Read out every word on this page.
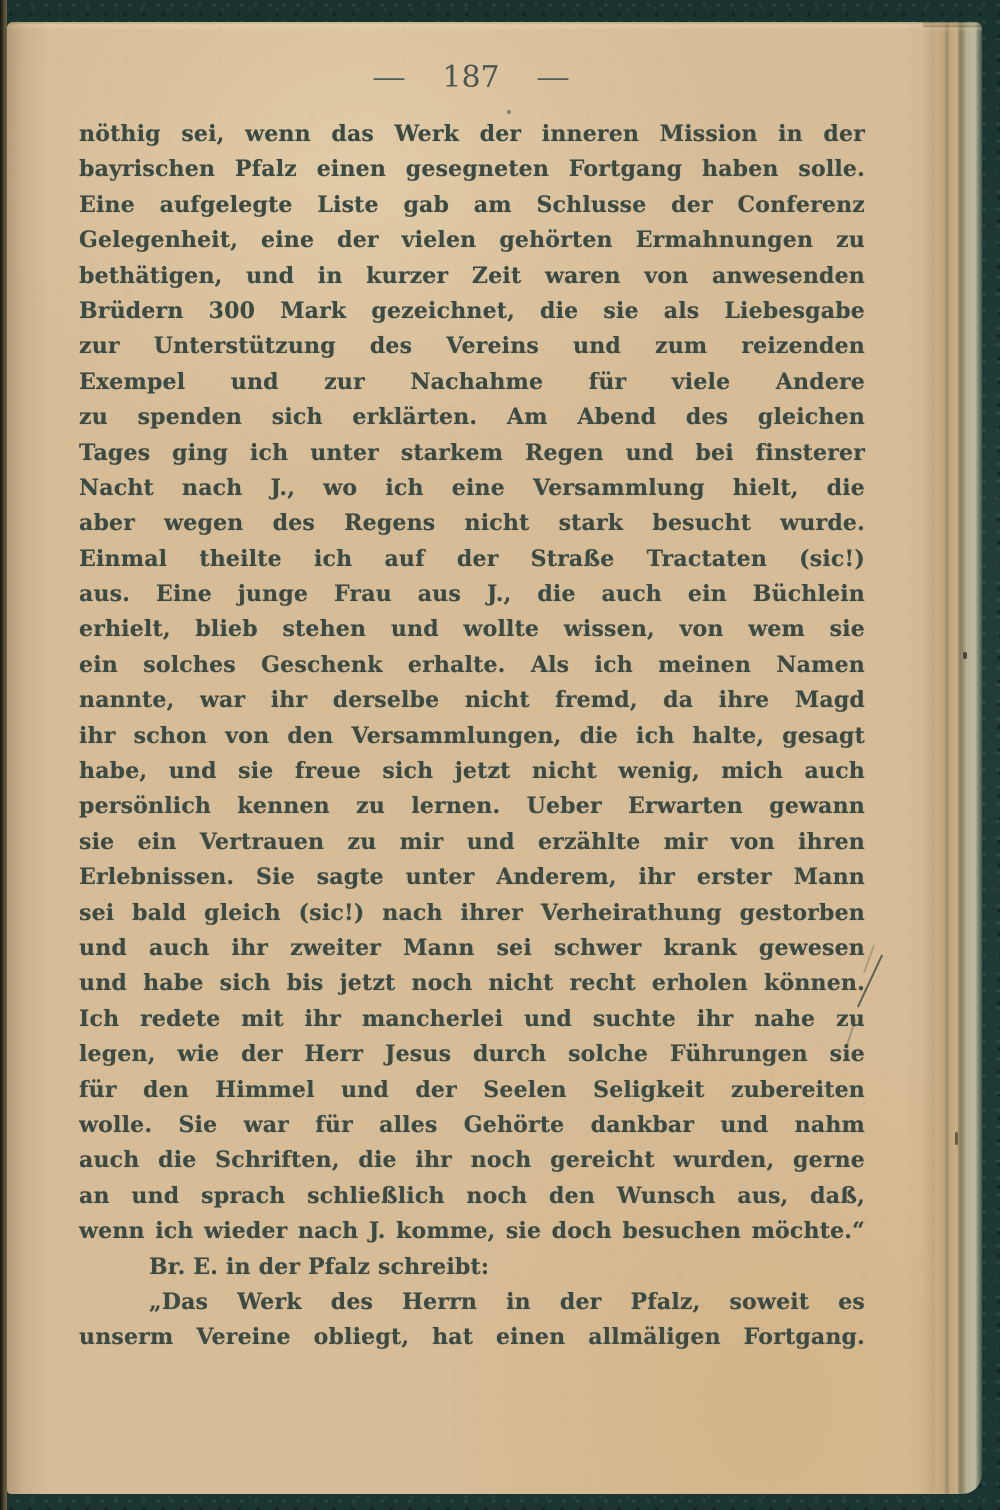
— 187 —
nöthig sei, wenn das Werk der inneren Mission in der
bayrischen Pfalz einen gesegneten Fortgang haben solle.
Eine aufgelegte Liste gab am Schlusse der Conferenz
Gelegenheit, eine der vielen gehörten Ermahnungen zu
bethätigen, und in kurzer Zeit waren von anwesenden
Brüdern 300 Mark gezeichnet, die sie als Liebesgabe
zur Unterstützung des Vereins und zum reizenden
Exempel und zur Nachahme für viele Andere
zu spenden sich erklärten. Am Abend des gleichen
Tages ging ich unter starkem Regen und bei finsterer
Nacht nach J., wo ich eine Versammlung hielt, die
aber wegen des Regens nicht stark besucht wurde.
Einmal theilte ich auf der Straße Tractaten (sic!)
aus. Eine junge Frau aus J., die auch ein Büchlein
erhielt, blieb stehen und wollte wissen, von wem sie
ein solches Geschenk erhalte. Als ich meinen Namen
nannte, war ihr derselbe nicht fremd, da ihre Magd
ihr schon von den Versammlungen, die ich halte, gesagt
habe, und sie freue sich jetzt nicht wenig, mich auch
persönlich kennen zu lernen. Ueber Erwarten gewann
sie ein Vertrauen zu mir und erzählte mir von ihren
Erlebnissen. Sie sagte unter Anderem, ihr erster Mann
sei bald gleich (sic!) nach ihrer Verheirathung gestorben
und auch ihr zweiter Mann sei schwer krank gewesen
und habe sich bis jetzt noch nicht recht erholen können.
Ich redete mit ihr mancherlei und suchte ihr nahe zu
legen, wie der Herr Jesus durch solche Führungen sie
für den Himmel und der Seelen Seligkeit zubereiten
wolle. Sie war für alles Gehörte dankbar und nahm
auch die Schriften, die ihr noch gereicht wurden, gerne
an und sprach schließlich noch den Wunsch aus, daß,
wenn ich wieder nach J. komme, sie doch besuchen möchte.“
Br. E. in der Pfalz schreibt:
„Das Werk des Herrn in der Pfalz, soweit es
unserm Vereine obliegt, hat einen allmäligen Fortgang.
